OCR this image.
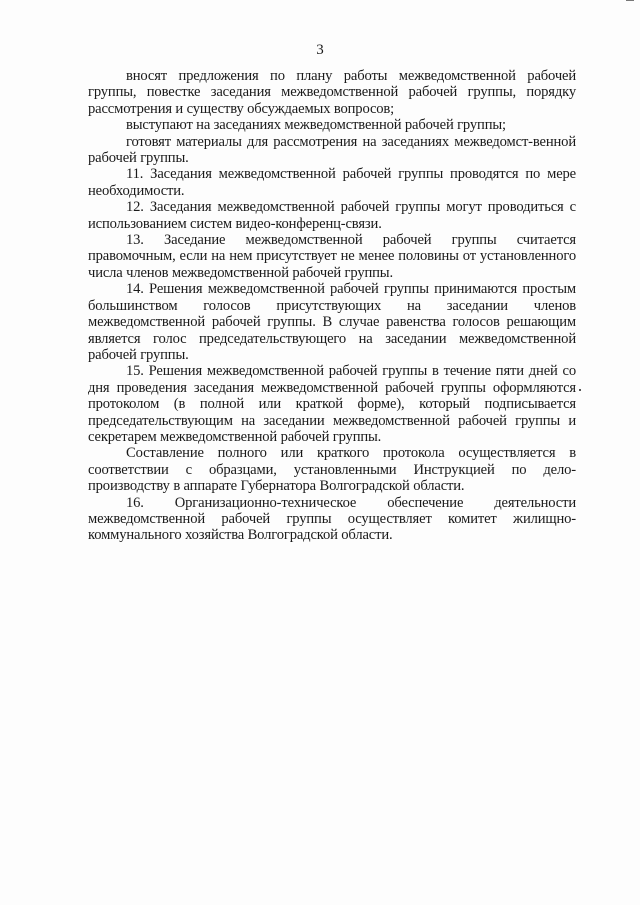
3

вносят предложения по плану работы межведомственной рабочей группы, повестке заседания межведомственной рабочей группы, порядку рассмотрения и существу обсуждаемых вопросов;

выступают на заседаниях межведомственной рабочей группы;

готовят материалы для рассмотрения на заседаниях межведомст-венной рабочей группы.

11. Заседания межведомственной рабочей группы проводятся по мере необходимости.

12. Заседания межведомственной рабочей группы могут проводиться с использованием систем видео-конференц-связи.

13. Заседание межведомственной рабочей группы считается правомочным, если на нем присутствует не менее половины от установленного числа членов межведомственной рабочей группы.

14. Решения межведомственной рабочей группы принимаются простым большинством голосов присутствующих на заседании членов межведомственной рабочей группы. В случае равенства голосов решающим является голос председательствующего на заседании межведомственной рабочей группы.

15. Решения межведомственной рабочей группы в течение пяти дней со дня проведения заседания межведомственной рабочей группы оформляются протоколом (в полной или краткой форме), который подписывается председательствующим на заседании межведомственной рабочей группы и секретарем межведомственной рабочей группы.

Составление полного или краткого протокола осуществляется в соответствии с образцами, установленными Инструкцией по дело-производству в аппарате Губернатора Волгоградской области.

16. Организационно-техническое обеспечение деятельности межведомственной рабочей группы осуществляет комитет жилищно-коммунального хозяйства Волгоградской области.
